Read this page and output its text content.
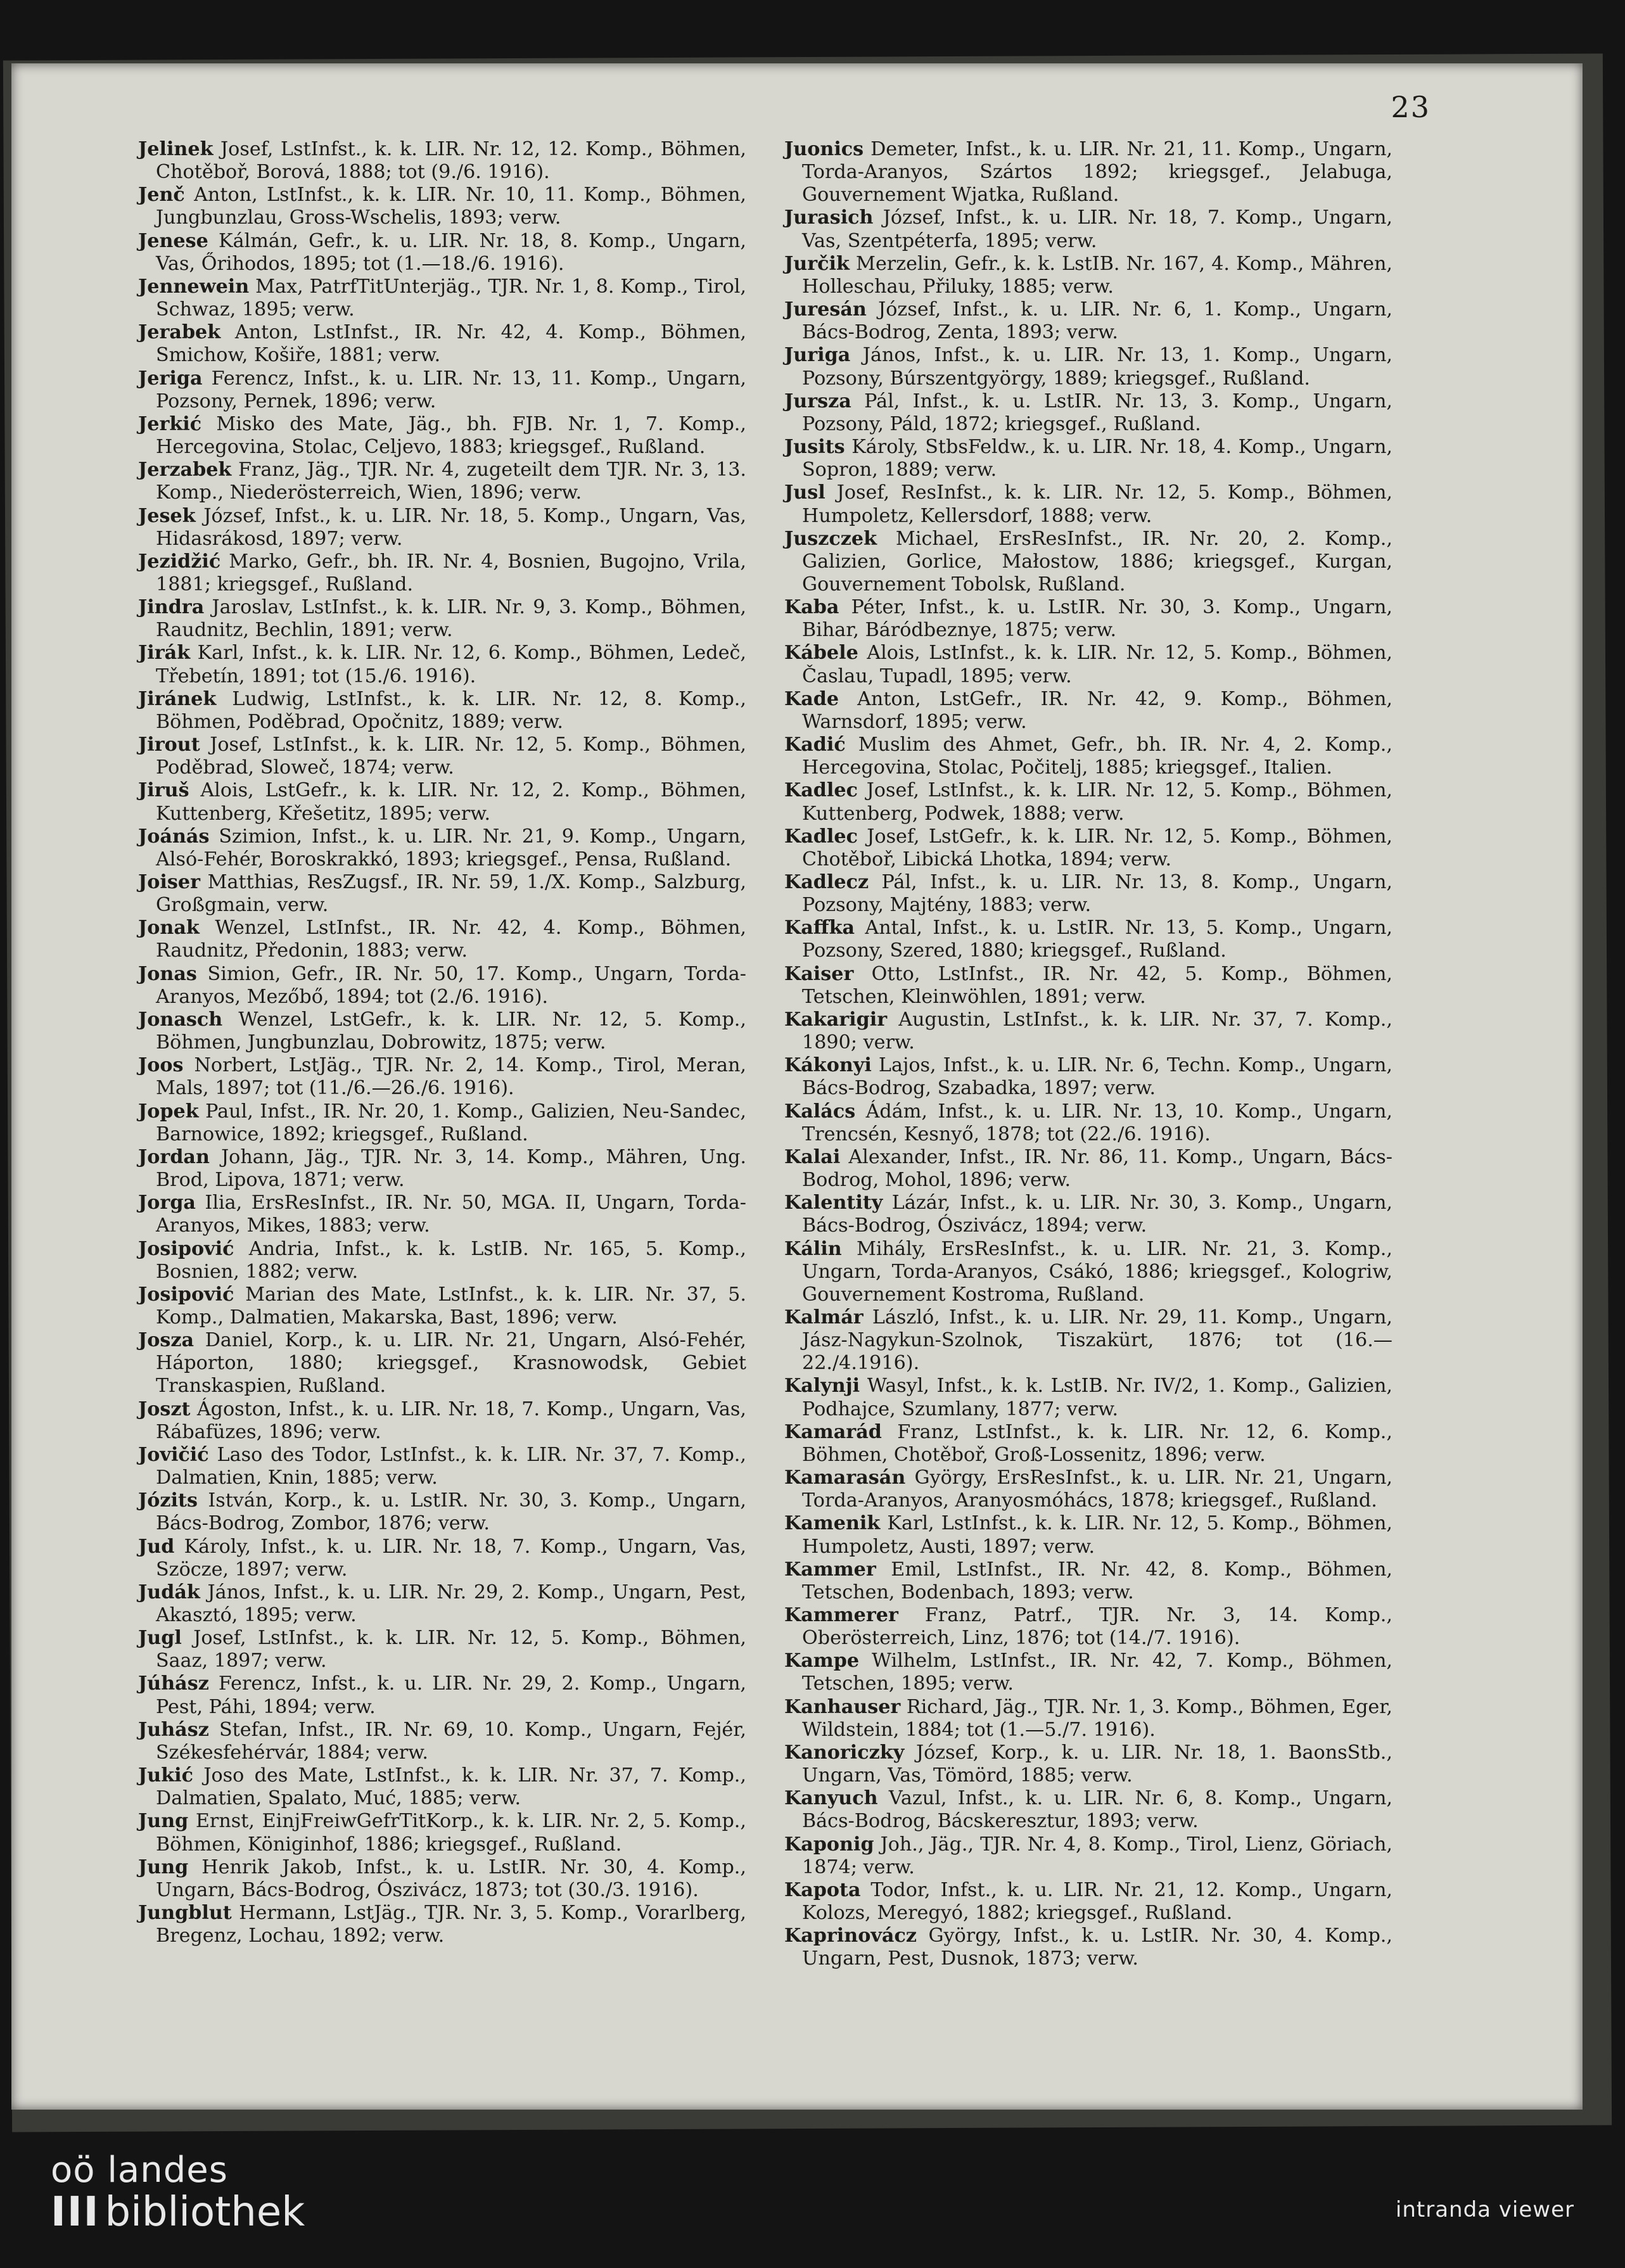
23

Jelinek Josef, LstInfst., k. k. LIR. Nr. 12, 12. Komp., Böhmen, Chotěboř, Borová, 1888; tot (9./6. 1916).

Jenč Anton, LstInfst., k. k. LIR. Nr. 10, 11. Komp., Böhmen, Jungbunzlau, Gross-Wschelis, 1893; verw.

Jenese Kálmán, Gefr., k. u. LIR. Nr. 18, 8. Komp., Ungarn, Vas, Őrihodos, 1895; tot (1.—18./6. 1916).

Jennewein Max, PatrfTitUnterjäg., TJR. Nr. 1, 8. Komp., Tirol, Schwaz, 1895; verw.

Jerabek Anton, LstInfst., IR. Nr. 42, 4. Komp., Böhmen, Smichow, Košiře, 1881; verw.

Jeriga Ferencz, Infst., k. u. LIR. Nr. 13, 11. Komp., Ungarn, Pozsony, Pernek, 1896; verw.

Jerkić Misko des Mate, Jäg., bh. FJB. Nr. 1, 7. Komp., Hercegovina, Stolac, Celjevo, 1883; kriegsgef., Rußland.

Jerzabek Franz, Jäg., TJR. Nr. 4, zugeteilt dem TJR. Nr. 3, 13. Komp., Niederösterreich, Wien, 1896; verw.

Jesek József, Infst., k. u. LIR. Nr. 18, 5. Komp., Ungarn, Vas, Hidasrákosd, 1897; verw.

Jezidžić Marko, Gefr., bh. IR. Nr. 4, Bosnien, Bugojno, Vrila, 1881; kriegsgef., Rußland.

Jindra Jaroslav, LstInfst., k. k. LIR. Nr. 9, 3. Komp., Böhmen, Raudnitz, Bechlin, 1891; verw.

Jirák Karl, Infst., k. k. LIR. Nr. 12, 6. Komp., Böhmen, Ledeč, Třebetín, 1891; tot (15./6. 1916).

Jiránek Ludwig, LstInfst., k. k. LIR. Nr. 12, 8. Komp., Böhmen, Poděbrad, Opočnitz, 1889; verw.

Jirout Josef, LstInfst., k. k. LIR. Nr. 12, 5. Komp., Böhmen, Poděbrad, Sloweč, 1874; verw.

Jiruš Alois, LstGefr., k. k. LIR. Nr. 12, 2. Komp., Böhmen, Kuttenberg, Křešetitz, 1895; verw.

Joánás Szimion, Infst., k. u. LIR. Nr. 21, 9. Komp., Ungarn, Alsó-Fehér, Boroskrakkó, 1893; kriegsgef., Pensa, Rußland.

Joiser Matthias, ResZugsf., IR. Nr. 59, 1./X. Komp., Salzburg, Großgmain, verw.

Jonak Wenzel, LstInfst., IR. Nr. 42, 4. Komp., Böhmen, Raudnitz, Předonin, 1883; verw.

Jonas Simion, Gefr., IR. Nr. 50, 17. Komp., Ungarn, Torda-Aranyos, Mezőbő, 1894; tot (2./6. 1916).

Jonasch Wenzel, LstGefr., k. k. LIR. Nr. 12, 5. Komp., Böhmen, Jungbunzlau, Dobrowitz, 1875; verw.

Joos Norbert, LstJäg., TJR. Nr. 2, 14. Komp., Tirol, Meran, Mals, 1897; tot (11./6.—26./6. 1916).

Jopek Paul, Infst., IR. Nr. 20, 1. Komp., Galizien, Neu-Sandec, Barnowice, 1892; kriegsgef., Rußland.

Jordan Johann, Jäg., TJR. Nr. 3, 14. Komp., Mähren, Ung. Brod, Lipova, 1871; verw.

Jorga Ilia, ErsResInfst., IR. Nr. 50, MGA. II, Ungarn, Torda-Aranyos, Mikes, 1883; verw.

Josipović Andria, Infst., k. k. LstIB. Nr. 165, 5. Komp., Bosnien, 1882; verw.

Josipović Marian des Mate, LstInfst., k. k. LIR. Nr. 37, 5. Komp., Dalmatien, Makarska, Bast, 1896; verw.

Josza Daniel, Korp., k. u. LIR. Nr. 21, Ungarn, Alsó-Fehér, Háporton, 1880; kriegsgef., Krasnowodsk, Gebiet Transkaspien, Rußland.

Joszt Ágoston, Infst., k. u. LIR. Nr. 18, 7. Komp., Ungarn, Vas, Rábafüzes, 1896; verw.

Jovičić Laso des Todor, LstInfst., k. k. LIR. Nr. 37, 7. Komp., Dalmatien, Knin, 1885; verw.

Józits István, Korp., k. u. LstIR. Nr. 30, 3. Komp., Ungarn, Bács-Bodrog, Zombor, 1876; verw.

Jud Károly, Infst., k. u. LIR. Nr. 18, 7. Komp., Ungarn, Vas, Szöcze, 1897; verw.

Judák János, Infst., k. u. LIR. Nr. 29, 2. Komp., Ungarn, Pest, Akasztó, 1895; verw.

Jugl Josef, LstInfst., k. k. LIR. Nr. 12, 5. Komp., Böhmen, Saaz, 1897; verw.

Júhász Ferencz, Infst., k. u. LIR. Nr. 29, 2. Komp., Ungarn, Pest, Páhi, 1894; verw.

Juhász Stefan, Infst., IR. Nr. 69, 10. Komp., Ungarn, Fejér, Székesfehérvár, 1884; verw.

Jukić Joso des Mate, LstInfst., k. k. LIR. Nr. 37, 7. Komp., Dalmatien, Spalato, Muć, 1885; verw.

Jung Ernst, EinjFreiwGefrTitKorp., k. k. LIR. Nr. 2, 5. Komp., Böhmen, Königinhof, 1886; kriegsgef., Rußland.

Jung Henrik Jakob, Infst., k. u. LstIR. Nr. 30, 4. Komp., Ungarn, Bács-Bodrog, Ószivácz, 1873; tot (30./3. 1916).

Jungblut Hermann, LstJäg., TJR. Nr. 3, 5. Komp., Vorarlberg, Bregenz, Lochau, 1892; verw.

Juonics Demeter, Infst., k. u. LIR. Nr. 21, 11. Komp., Ungarn, Torda-Aranyos, Szártos 1892; kriegsgef., Jelabuga, Gouvernement Wjatka, Rußland.

Jurasich József, Infst., k. u. LIR. Nr. 18, 7. Komp., Ungarn, Vas, Szentpéterfa, 1895; verw.

Jurčik Merzelin, Gefr., k. k. LstIB. Nr. 167, 4. Komp., Mähren, Holleschau, Přiluky, 1885; verw.

Juresán József, Infst., k. u. LIR. Nr. 6, 1. Komp., Ungarn, Bács-Bodrog, Zenta, 1893; verw.

Juriga János, Infst., k. u. LIR. Nr. 13, 1. Komp., Ungarn, Pozsony, Búrszentgyörgy, 1889; kriegsgef., Rußland.

Jursza Pál, Infst., k. u. LstIR. Nr. 13, 3. Komp., Ungarn, Pozsony, Páld, 1872; kriegsgef., Rußland.

Jusits Károly, StbsFeldw., k. u. LIR. Nr. 18, 4. Komp., Ungarn, Sopron, 1889; verw.

Jusl Josef, ResInfst., k. k. LIR. Nr. 12, 5. Komp., Böhmen, Humpoletz, Kellersdorf, 1888; verw.

Juszczek Michael, ErsResInfst., IR. Nr. 20, 2. Komp., Galizien, Gorlice, Małostow, 1886; kriegsgef., Kurgan, Gouvernement Tobolsk, Rußland.

Kaba Péter, Infst., k. u. LstIR. Nr. 30, 3. Komp., Ungarn, Bihar, Báródbeznye, 1875; verw.

Kábele Alois, LstInfst., k. k. LIR. Nr. 12, 5. Komp., Böhmen, Časlau, Tupadl, 1895; verw.

Kade Anton, LstGefr., IR. Nr. 42, 9. Komp., Böhmen, Warnsdorf, 1895; verw.

Kadić Muslim des Ahmet, Gefr., bh. IR. Nr. 4, 2. Komp., Hercegovina, Stolac, Počitelj, 1885; kriegsgef., Italien.

Kadlec Josef, LstInfst., k. k. LIR. Nr. 12, 5. Komp., Böhmen, Kuttenberg, Podwek, 1888; verw.

Kadlec Josef, LstGefr., k. k. LIR. Nr. 12, 5. Komp., Böhmen, Chotěboř, Libická Lhotka, 1894; verw.

Kadlecz Pál, Infst., k. u. LIR. Nr. 13, 8. Komp., Ungarn, Pozsony, Majtény, 1883; verw.

Kaffka Antal, Infst., k. u. LstIR. Nr. 13, 5. Komp., Ungarn, Pozsony, Szered, 1880; kriegsgef., Rußland.

Kaiser Otto, LstInfst., IR. Nr. 42, 5. Komp., Böhmen, Tetschen, Kleinwöhlen, 1891; verw.

Kakarigir Augustin, LstInfst., k. k. LIR. Nr. 37, 7. Komp., 1890; verw.

Kákonyi Lajos, Infst., k. u. LIR. Nr. 6, Techn. Komp., Ungarn, Bács-Bodrog, Szabadka, 1897; verw.

Kalács Ádám, Infst., k. u. LIR. Nr. 13, 10. Komp., Ungarn, Trencsén, Kesnyő, 1878; tot (22./6. 1916).

Kalai Alexander, Infst., IR. Nr. 86, 11. Komp., Ungarn, Bács-Bodrog, Mohol, 1896; verw.

Kalentity Lázár, Infst., k. u. LIR. Nr. 30, 3. Komp., Ungarn, Bács-Bodrog, Ószivácz, 1894; verw.

Kálin Mihály, ErsResInfst., k. u. LIR. Nr. 21, 3. Komp., Ungarn, Torda-Aranyos, Csákó, 1886; kriegsgef., Kologriw, Gouvernement Kostroma, Rußland.

Kalmár László, Infst., k. u. LIR. Nr. 29, 11. Komp., Ungarn, Jász-Nagykun-Szolnok, Tiszakürt, 1876; tot (16.—22./4.1916).

Kalynji Wasyl, Infst., k. k. LstIB. Nr. IV/2, 1. Komp., Galizien, Podhajce, Szumlany, 1877; verw.

Kamarád Franz, LstInfst., k. k. LIR. Nr. 12, 6. Komp., Böhmen, Chotěboř, Groß-Lossenitz, 1896; verw.

Kamarasán György, ErsResInfst., k. u. LIR. Nr. 21, Ungarn, Torda-Aranyos, Aranyosmóhács, 1878; kriegsgef., Rußland.

Kamenik Karl, LstInfst., k. k. LIR. Nr. 12, 5. Komp., Böhmen, Humpoletz, Austi, 1897; verw.

Kammer Emil, LstInfst., IR. Nr. 42, 8. Komp., Böhmen, Tetschen, Bodenbach, 1893; verw.

Kammerer Franz, Patrf., TJR. Nr. 3, 14. Komp., Oberösterreich, Linz, 1876; tot (14./7. 1916).

Kampe Wilhelm, LstInfst., IR. Nr. 42, 7. Komp., Böhmen, Tetschen, 1895; verw.

Kanhauser Richard, Jäg., TJR. Nr. 1, 3. Komp., Böhmen, Eger, Wildstein, 1884; tot (1.—5./7. 1916).

Kanoriczky József, Korp., k. u. LIR. Nr. 18, 1. BaonsStb., Ungarn, Vas, Tömörd, 1885; verw.

Kanyuch Vazul, Infst., k. u. LIR. Nr. 6, 8. Komp., Ungarn, Bács-Bodrog, Bácskeresztur, 1893; verw.

Kaponig Joh., Jäg., TJR. Nr. 4, 8. Komp., Tirol, Lienz, Göriach, 1874; verw.

Kapota Todor, Infst., k. u. LIR. Nr. 21, 12. Komp., Ungarn, Kolozs, Meregyó, 1882; kriegsgef., Rußland.

Kaprinovácz György, Infst., k. u. LstIR. Nr. 30, 4. Komp., Ungarn, Pest, Dusnok, 1873; verw.

oö landes
III bibliothek	intranda viewer
